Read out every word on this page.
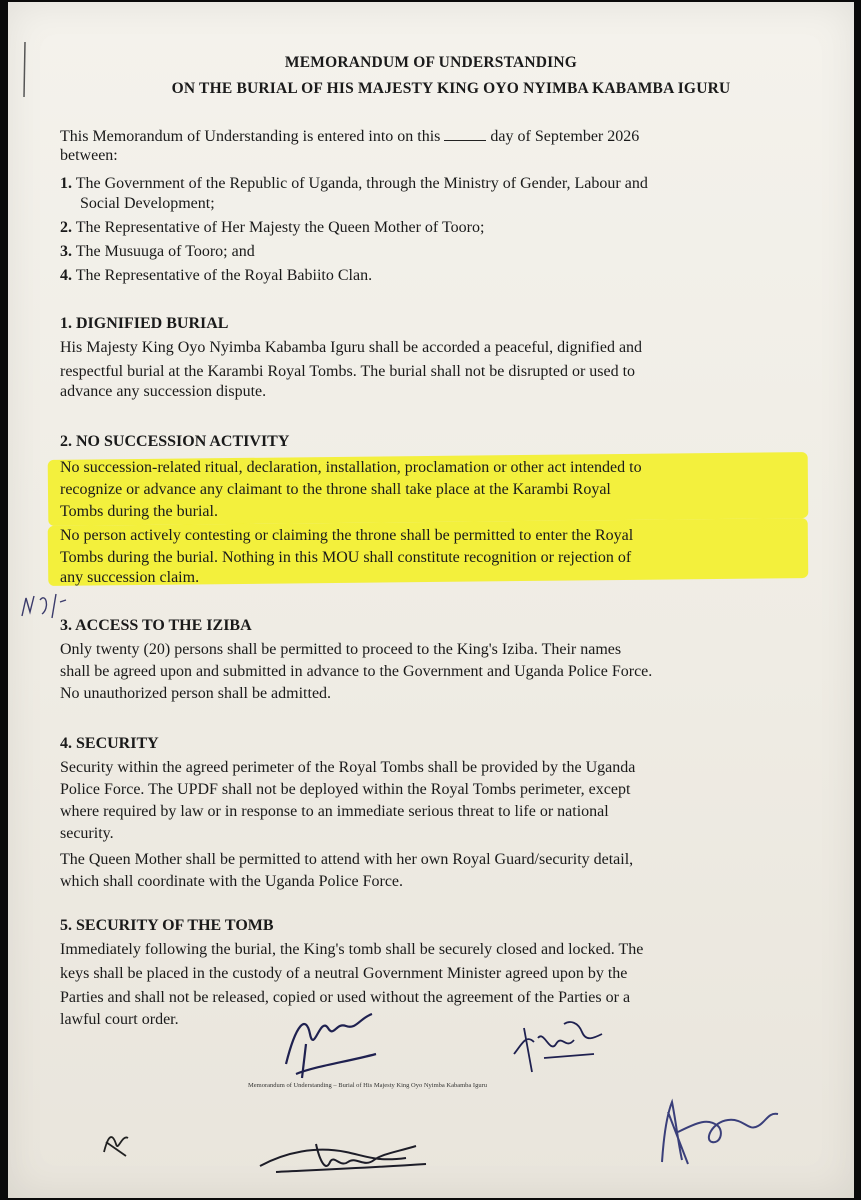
MEMORANDUM OF UNDERSTANDING
ON THE BURIAL OF HIS MAJESTY KING OYO NYIMBA KABAMBA IGURU
This Memorandum of Understanding is entered into on this	day of September 2026
between:
1. The Government of the Republic of Uganda, through the Ministry of Gender, Labour and
Social Development;
2. The Representative of Her Majesty the Queen Mother of Tooro;
3. The Musuuga of Tooro; and
4. The Representative of the Royal Babiito Clan.
1. DIGNIFIED BURIAL
His Majesty King Oyo Nyimba Kabamba Iguru shall be accorded a peaceful, dignified and
respectful burial at the Karambi Royal Tombs. The burial shall not be disrupted or used to
advance any succession dispute.
2. NO SUCCESSION ACTIVITY
No succession-related ritual, declaration, installation, proclamation or other act intended to
recognize or advance any claimant to the throne shall take place at the Karambi Royal
Tombs during the burial.
No person actively contesting or claiming the throne shall be permitted to enter the Royal
Tombs during the burial. Nothing in this MOU shall constitute recognition or rejection of
any succession claim.
3. ACCESS TO THE IZIBA
Only twenty (20) persons shall be permitted to proceed to the King's Iziba. Their names
shall be agreed upon and submitted in advance to the Government and Uganda Police Force.
No unauthorized person shall be admitted.
4. SECURITY
Security within the agreed perimeter of the Royal Tombs shall be provided by the Uganda
Police Force. The UPDF shall not be deployed within the Royal Tombs perimeter, except
where required by law or in response to an immediate serious threat to life or national
security.
The Queen Mother shall be permitted to attend with her own Royal Guard/security detail,
which shall coordinate with the Uganda Police Force.
5. SECURITY OF THE TOMB
Immediately following the burial, the King's tomb shall be securely closed and locked. The
keys shall be placed in the custody of a neutral Government Minister agreed upon by the
Parties and shall not be released, copied or used without the agreement of the Parties or a
lawful court order.
Memorandum of Understanding – Burial of His Majesty King Oyo Nyimba Kabamba Iguru
